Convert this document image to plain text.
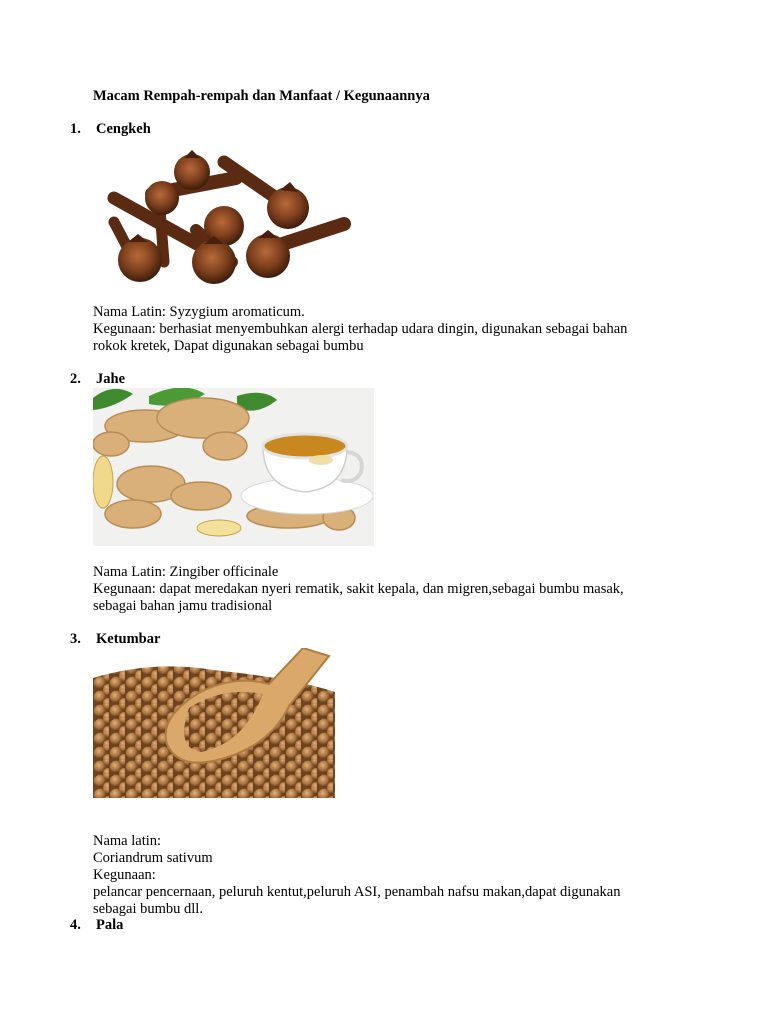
Macam Rempah-rempah dan Manfaat / Kegunaannya
1. Cengkeh
Nama Latin: Syzygium aromaticum.
Kegunaan: berhasiat menyembuhkan alergi terhadap udara dingin, digunakan sebagai bahan
rokok kretek, Dapat digunakan sebagai bumbu
2. Jahe
Nama Latin: Zingiber officinale
Kegunaan: dapat meredakan nyeri rematik, sakit kepala, dan migren,sebagai bumbu masak,
sebagai bahan jamu tradisional
3. Ketumbar
Nama latin:
Coriandrum sativum
Kegunaan:
pelancar pencernaan, peluruh kentut,peluruh ASI, penambah nafsu makan,dapat digunakan
sebagai bumbu dll.
4. Pala
